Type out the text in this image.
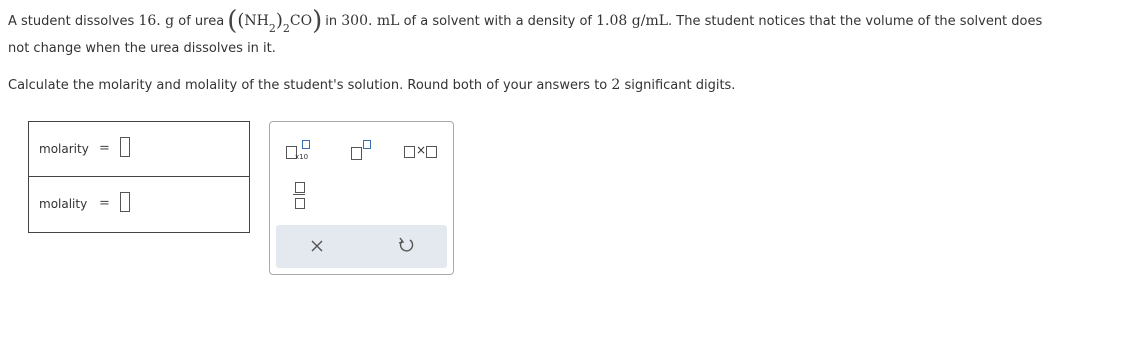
A student dissolves
16. g
of urea ( ( NH 2 ) 2 CO ) in
300. mL
of a solvent with a density of
1.08 g/mL . The student notices that the volume of the solvent does
not change when the urea dissolves in it.
Calculate the molarity and molality of the student's solution. Round both of your answers to 2 significant digits.
molarity =
molality =
x10	×
